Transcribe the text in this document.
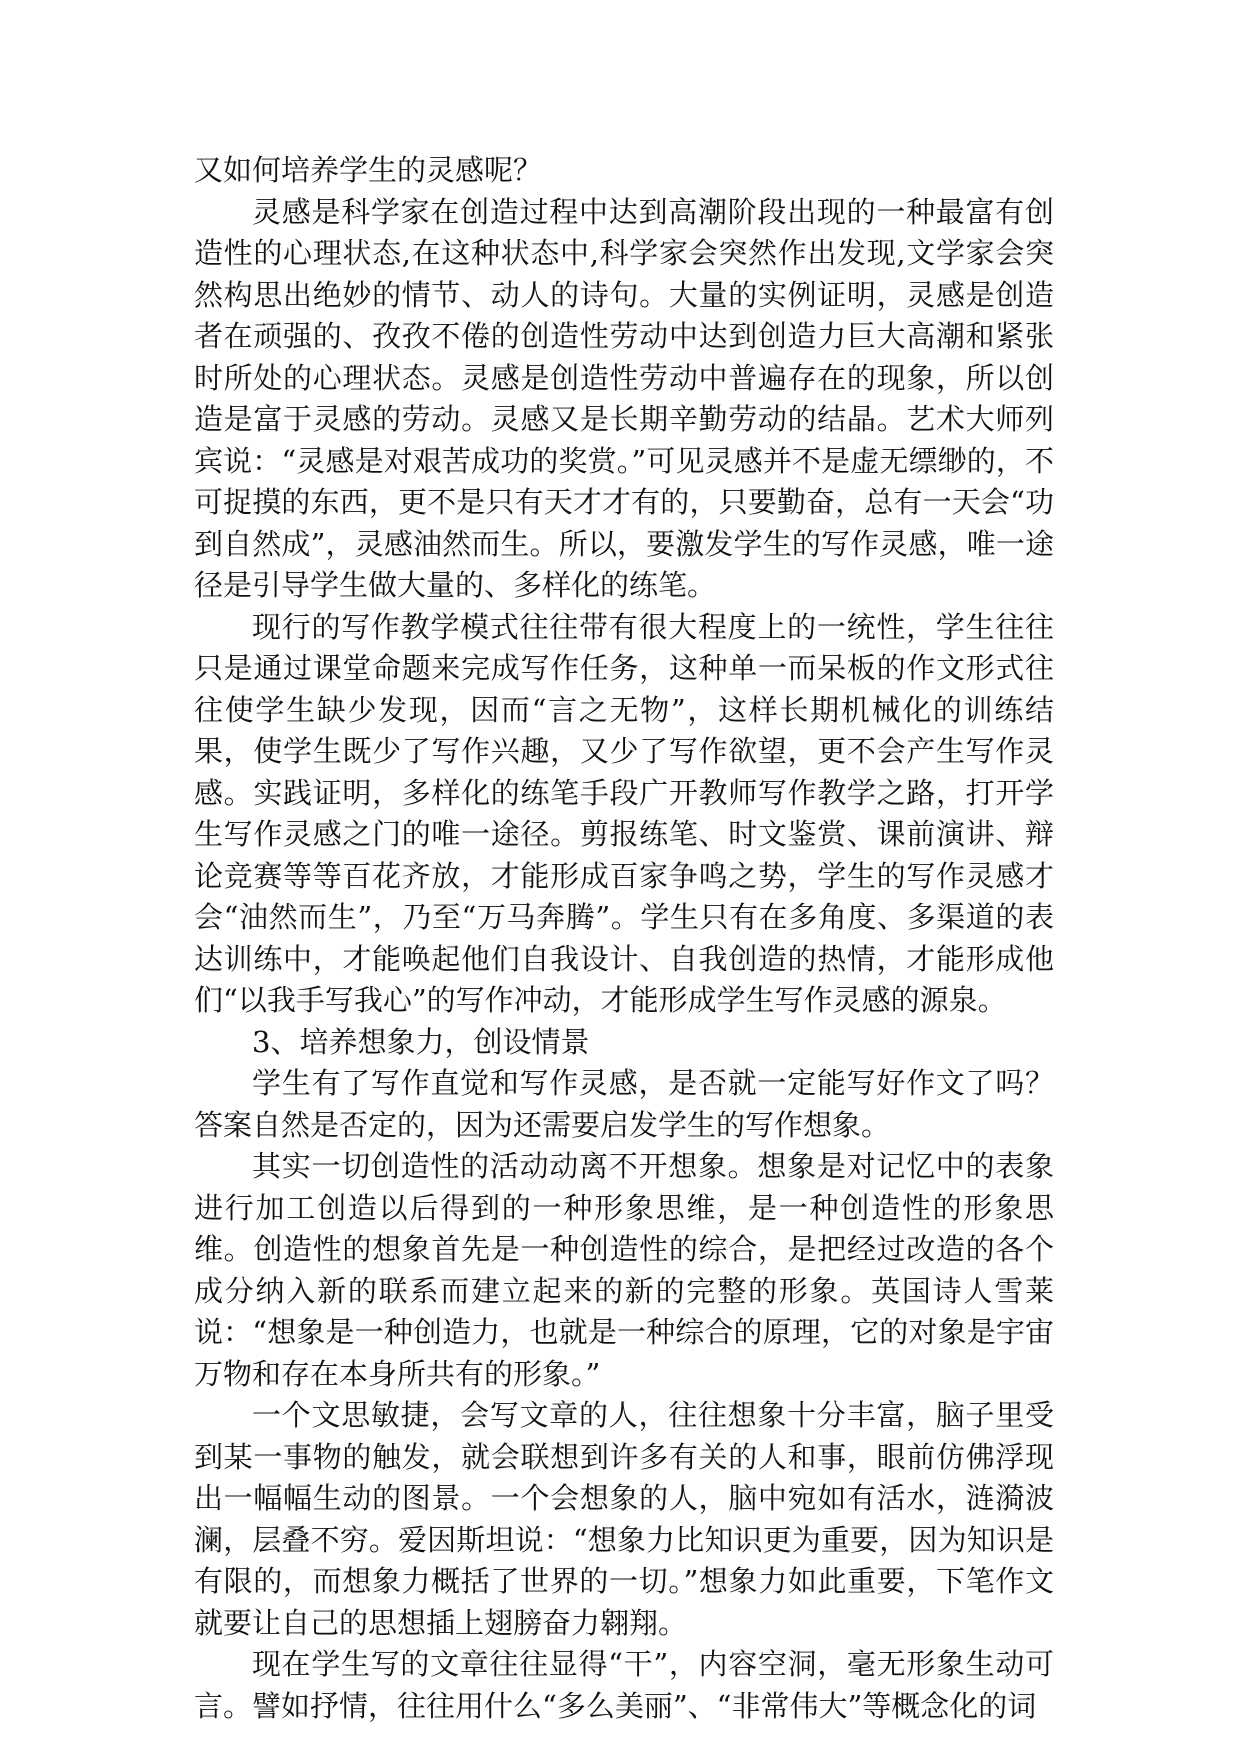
又如何培养学生的灵感呢？

灵感是科学家在创造过程中达到高潮阶段出现的一种最富有创造性的心理状态,在这种状态中,科学家会突然作出发现,文学家会突然构思出绝妙的情节、动人的诗句。大量的实例证明，灵感是创造者在顽强的、孜孜不倦的创造性劳动中达到创造力巨大高潮和紧张时所处的心理状态。灵感是创造性劳动中普遍存在的现象，所以创造是富于灵感的劳动。灵感又是长期辛勤劳动的结晶。艺术大师列宾说：“灵感是对艰苦成功的奖赏。”可见灵感并不是虚无缥缈的，不可捉摸的东西，更不是只有天才才有的，只要勤奋，总有一天会“功到自然成”，灵感油然而生。所以，要激发学生的写作灵感，唯一途径是引导学生做大量的、多样化的练笔。

现行的写作教学模式往往带有很大程度上的一统性，学生往往只是通过课堂命题来完成写作任务，这种单一而呆板的作文形式往往使学生缺少发现，因而“言之无物”，这样长期机械化的训练结果，使学生既少了写作兴趣，又少了写作欲望，更不会产生写作灵感。实践证明，多样化的练笔手段广开教师写作教学之路，打开学生写作灵感之门的唯一途径。剪报练笔、时文鉴赏、课前演讲、辩论竞赛等等百花齐放，才能形成百家争鸣之势，学生的写作灵感才会“油然而生”，乃至“万马奔腾”。学生只有在多角度、多渠道的表达训练中，才能唤起他们自我设计、自我创造的热情，才能形成他们“以我手写我心”的写作冲动，才能形成学生写作灵感的源泉。

3、培养想象力，创设情景

学生有了写作直觉和写作灵感，是否就一定能写好作文了吗？答案自然是否定的，因为还需要启发学生的写作想象。

其实一切创造性的活动动离不开想象。想象是对记忆中的表象进行加工创造以后得到的一种形象思维，是一种创造性的形象思维。创造性的想象首先是一种创造性的综合，是把经过改造的各个成分纳入新的联系而建立起来的新的完整的形象。英国诗人雪莱说：“想象是一种创造力，也就是一种综合的原理，它的对象是宇宙万物和存在本身所共有的形象。”

一个文思敏捷，会写文章的人，往往想象十分丰富，脑子里受到某一事物的触发，就会联想到许多有关的人和事，眼前仿佛浮现出一幅幅生动的图景。一个会想象的人，脑中宛如有活水，涟漪波澜，层叠不穷。爱因斯坦说：“想象力比知识更为重要，因为知识是有限的，而想象力概括了世界的一切。”想象力如此重要，下笔作文就要让自己的思想插上翅膀奋力翱翔。

现在学生写的文章往往显得“干”，内容空洞，毫无形象生动可言。譬如抒情，往往用什么“多么美丽”、“非常伟大”等概念化的词
